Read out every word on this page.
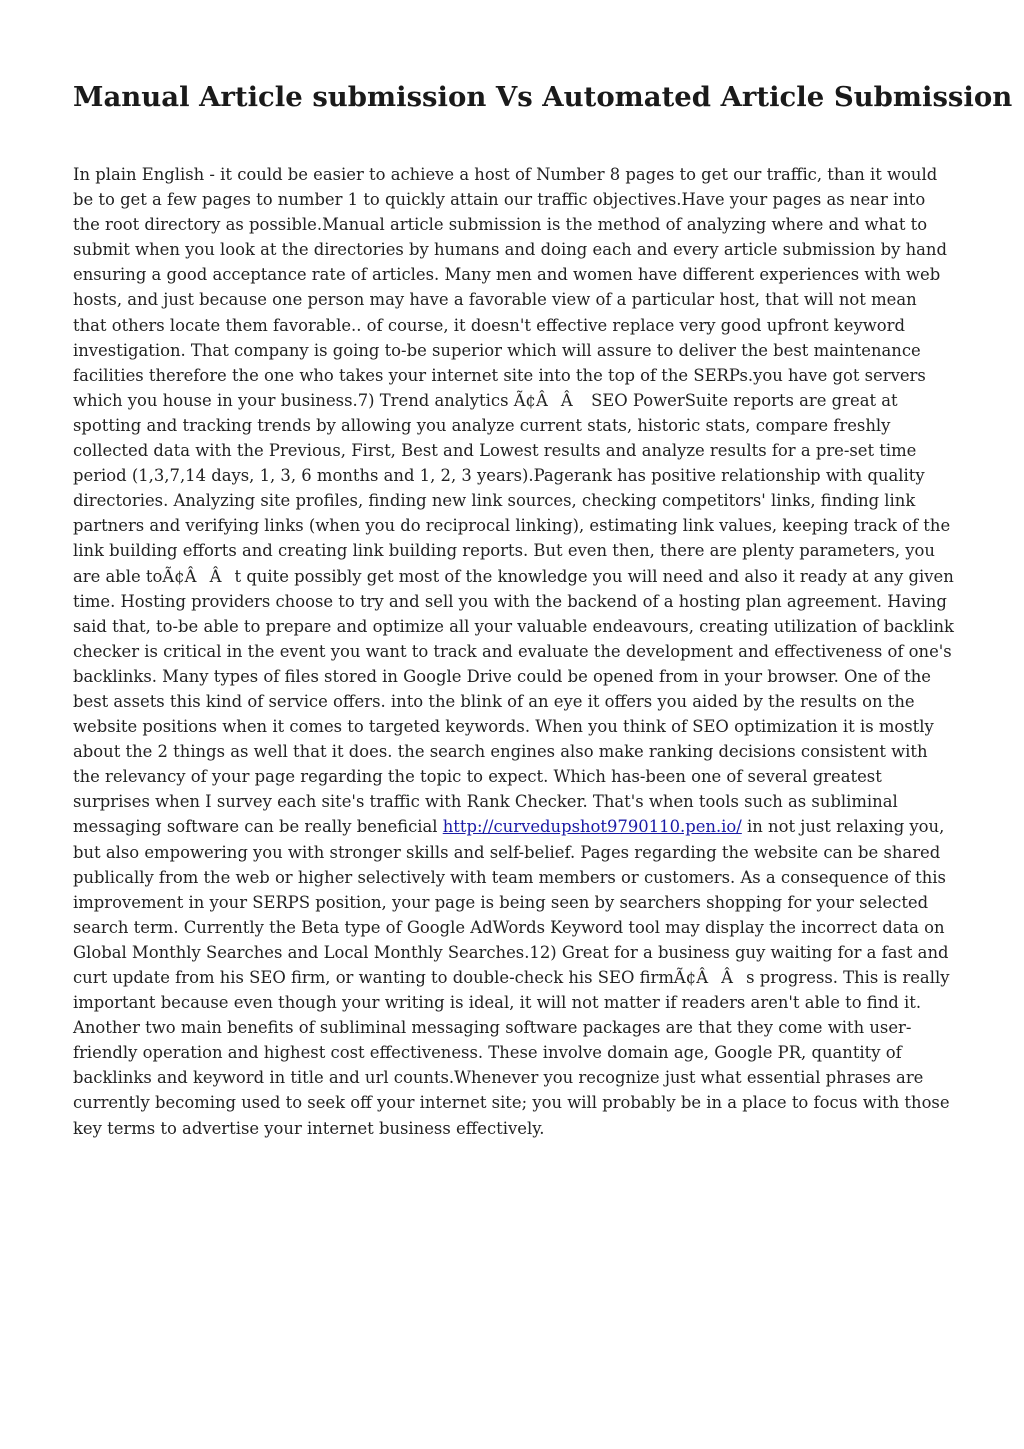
Manual Article submission Vs Automated Article Submission

In plain English - it could be easier to achieve a host of Number 8 pages to get our traffic, than it would be to get a few pages to number 1 to quickly attain our traffic objectives.Have your pages as near into the root directory as possible.Manual article submission is the method of analyzing where and what to submit when you look at the directories by humans and doing each and every article submission by hand ensuring a good acceptance rate of articles. Many men and women have different experiences with web hosts, and just because one person may have a favorable view of a particular host, that will not mean that others locate them favorable.. of course, it doesn't effective replace very good upfront keyword investigation. That company is going to-be superior which will assure to deliver the best maintenance facilities therefore the one who takes your internet site into the top of the SERPs.you have got servers which you house in your business.7) Trend analytics Ã¢ÂÂ SEO PowerSuite reports are great at spotting and tracking trends by allowing you analyze current stats, historic stats, compare freshly collected data with the Previous, First, Best and Lowest results and analyze results for a pre-set time period (1,3,7,14 days, 1, 3, 6 months and 1, 2, 3 years).Pagerank has positive relationship with quality directories. Analyzing site profiles, finding new link sources, checking competitors' links, finding link partners and verifying links (when you do reciprocal linking), estimating link values, keeping track of the link building efforts and creating link building reports. But even then, there are plenty parameters, you are able toÃ¢ÂÂt quite possibly get most of the knowledge you will need and also it ready at any given time. Hosting providers choose to try and sell you with the backend of a hosting plan agreement. Having said that, to-be able to prepare and optimize all your valuable endeavours, creating utilization of backlink checker is critical in the event you want to track and evaluate the development and effectiveness of one's backlinks. Many types of files stored in Google Drive could be opened from in your browser. One of the best assets this kind of service offers. into the blink of an eye it offers you aided by the results on the website positions when it comes to targeted keywords. When you think of SEO optimization it is mostly about the 2 things as well that it does. the search engines also make ranking decisions consistent with the relevancy of your page regarding the topic to expect. Which has-been one of several greatest surprises when I survey each site's traffic with Rank Checker. That's when tools such as subliminal messaging software can be really beneficial http://curvedupshot9790110.pen.io/ in not just relaxing you, but also empowering you with stronger skills and self-belief. Pages regarding the website can be shared publically from the web or higher selectively with team members or customers. As a consequence of this improvement in your SERPS position, your page is being seen by searchers shopping for your selected search term. Currently the Beta type of Google AdWords Keyword tool may display the incorrect data on Global Monthly Searches and Local Monthly Searches.12) Great for a business guy waiting for a fast and curt update from his SEO firm, or wanting to double-check his SEO firmÃ¢ÂÂs progress. This is really important because even though your writing is ideal, it will not matter if readers aren't able to find it. Another two main benefits of subliminal messaging software packages are that they come with user-friendly operation and highest cost effectiveness. These involve domain age, Google PR, quantity of backlinks and keyword in title and url counts.Whenever you recognize just what essential phrases are currently becoming used to seek off your internet site; you will probably be in a place to focus with those key terms to advertise your internet business effectively.
